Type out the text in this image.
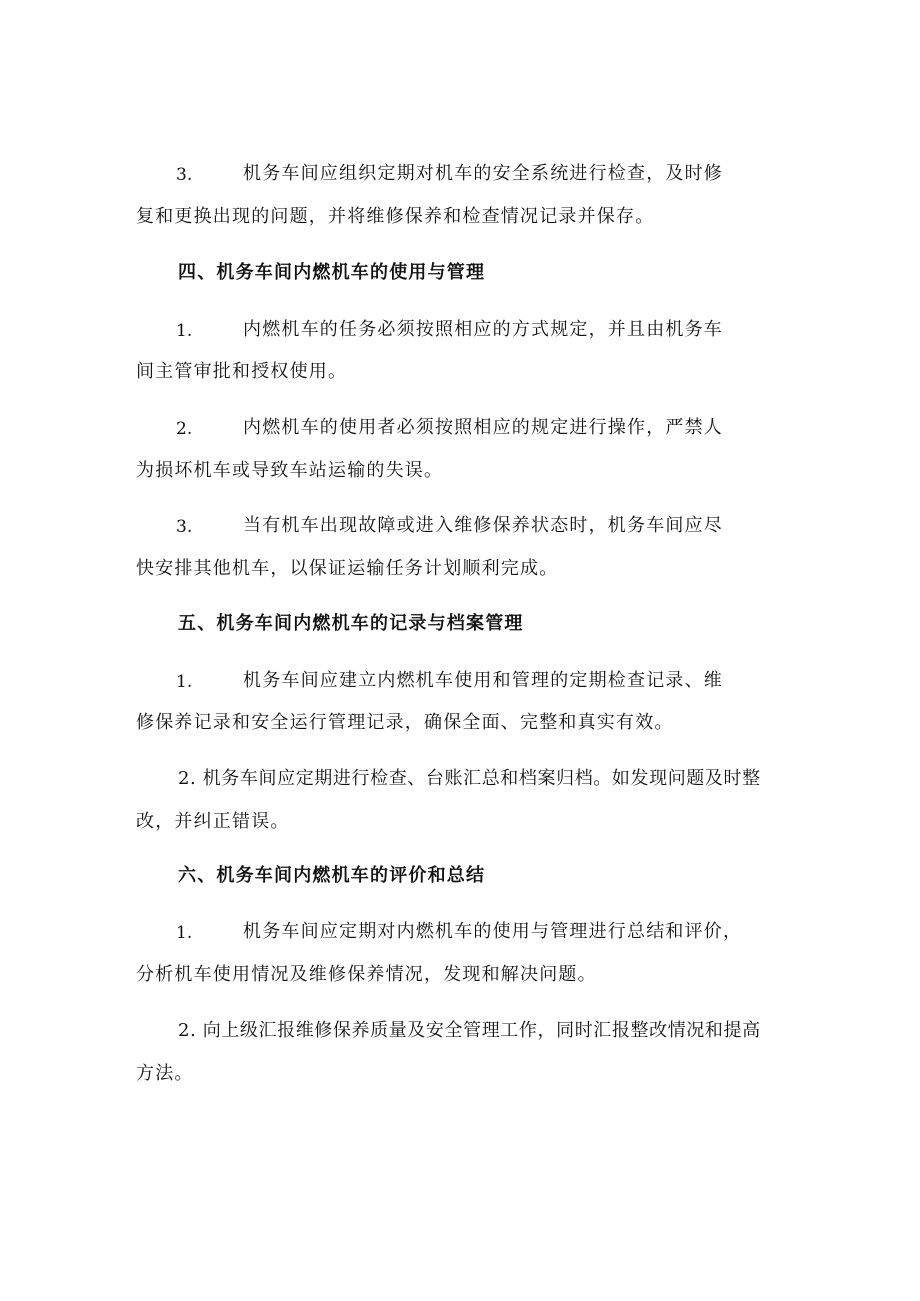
3.	机务车间应组织定期对机车的安全系统进行检查，及时修
复和更换出现的问题，并将维修保养和检查情况记录并保存。
四、机务车间内燃机车的使用与管理
1.	内燃机车的任务必须按照相应的方式规定，并且由机务车
间主管审批和授权使用。
2.	内燃机车的使用者必须按照相应的规定进行操作，严禁人
为损坏机车或导致车站运输的失误。
3.	当有机车出现故障或进入维修保养状态时，机务车间应尽
快安排其他机车，以保证运输任务计划顺利完成。
五、机务车间内燃机车的记录与档案管理
1.	机务车间应建立内燃机车使用和管理的定期检查记录、维
修保养记录和安全运行管理记录，确保全面、完整和真实有效。
2. 机务车间应定期进行检查、台账汇总和档案归档。如发现问题及时整
改，并纠正错误。
六、机务车间内燃机车的评价和总结
1.	机务车间应定期对内燃机车的使用与管理进行总结和评价，
分析机车使用情况及维修保养情况，发现和解决问题。
2. 向上级汇报维修保养质量及安全管理工作，同时汇报整改情况和提高
方法。
